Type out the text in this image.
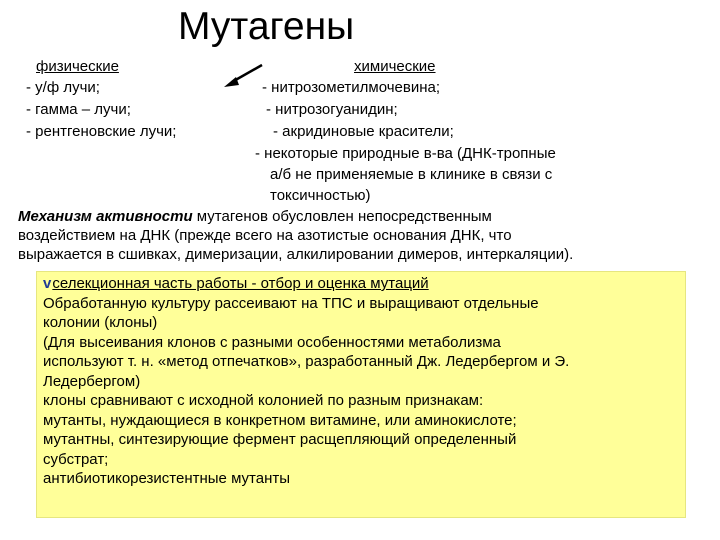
Мутагены
физические
- у/ф лучи;
- гамма – лучи;
- рентгеновские лучи;
химические
- нитрозометилмочевина;
- нитрозогуанидин;
- акридиновые красители;
- некоторые природные в-ва (ДНК-тропные
а/б не применяемые в клинике в связи с
токсичностью)
Механизм активности мутагенов обусловлен непосредственным
воздействием на ДНК (прежде всего на азотистые основания ДНК, что
выражается в сшивках, димеризации, алкилировании димеров, интеркаляции).
vселекционная часть работы - отбор и оценка мутаций
Обработанную культуру рассеивают на ТПС и выращивают отдельные
колонии (клоны)
(Для высеивания клонов с разными особенностями метаболизма
используют т. н. «метод отпечатков», разработанный Дж. Ледербергом и Э.
Ледербергом)
клоны сравнивают с исходной колонией по разным признакам:
мутанты, нуждающиеся в конкретном витамине, или аминокислоте;
мутантны, синтезирующие фермент расщепляющий определенный
субстрат;
антибиотикорезистентные мутанты
